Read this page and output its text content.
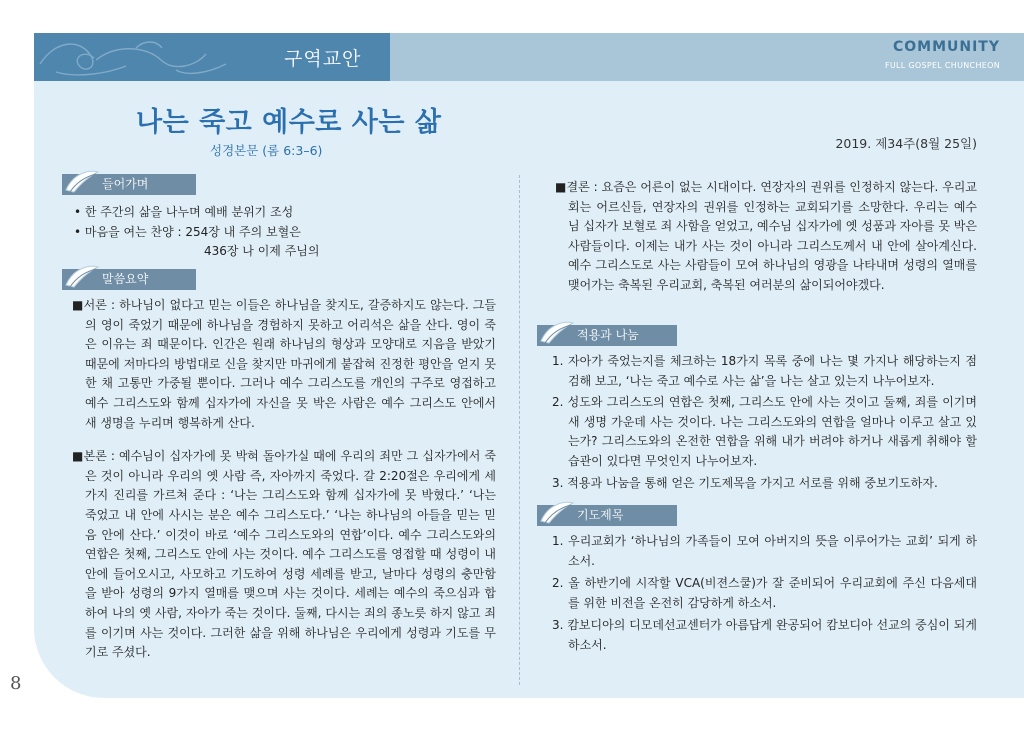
구역교안
COMMUNITY
FULL GOSPEL CHUNCHEON
나는 죽고 예수로 사는 삶
성경본문 (롬 6:3–6)	2019. 제34주(8월 25일)
들어가며

• 한 주간의 삶을 나누며 예배 분위기 조성

• 마음을 여는 찬양 : 254장 내 주의 보혈은

436장 나 이제 주님의

말씀요약

■서론 : 하나님이 없다고 믿는 이들은 하나님을 찾지도, 갈증하지도 않는다. 그들의 영이 죽었기 때문에 하나님을 경험하지 못하고 어리석은 삶을 산다. 영이 죽은 이유는 죄 때문이다. 인간은 원래 하나님의 형상과 모양대로 지음을 받았기 때문에 저마다의 방법대로 신을 찾지만 마귀에게 붙잡혀 진정한 평안을 얻지 못한 채 고통만 가중될 뿐이다. 그러나 예수 그리스도를 개인의 구주로 영접하고 예수 그리스도와 함께 십자가에 자신을 못 박은 사람은 예수 그리스도 안에서 새 생명을 누리며 행복하게 산다.

■본론 : 예수님이 십자가에 못 박혀 돌아가실 때에 우리의 죄만 그 십자가에서 죽은 것이 아니라 우리의 옛 사람 즉, 자아까지 죽었다. 갈 2:20절은 우리에게 세 가지 진리를 가르쳐 준다 : ‘나는 그리스도와 함께 십자가에 못 박혔다.’ ‘나는 죽었고 내 안에 사시는 분은 예수 그리스도다.’ ‘나는 하나님의 아들을 믿는 믿음 안에 산다.’ 이것이 바로 ‘예수 그리스도와의 연합’이다. 예수 그리스도와의 연합은 첫째, 그리스도 안에 사는 것이다. 예수 그리스도를 영접할 때 성령이 내 안에 들어오시고, 사모하고 기도하여 성령 세례를 받고, 날마다 성령의 충만함을 받아 성령의 9가지 열매를 맺으며 사는 것이다. 세례는 예수의 죽으심과 합하여 나의 옛 사람, 자아가 죽는 것이다. 둘째, 다시는 죄의 종노릇 하지 않고 죄를 이기며 사는 것이다. 그러한 삶을 위해 하나님은 우리에게 성령과 기도를 무기로 주셨다.

■결론 : 요즘은 어른이 없는 시대이다. 연장자의 권위를 인정하지 않는다. 우리교회는 어르신들, 연장자의 권위를 인정하는 교회되기를 소망한다. 우리는 예수님 십자가 보혈로 죄 사함을 얻었고, 예수님 십자가에 옛 성품과 자아를 못 박은 사람들이다. 이제는 내가 사는 것이 아니라 그리스도께서 내 안에 살아계신다. 예수 그리스도로 사는 사람들이 모여 하나님의 영광을 나타내며 성령의 열매를 맺어가는 축복된 우리교회, 축복된 여러분의 삶이되어야겠다.

적용과 나눔

1. 자아가 죽었는지를 체크하는 18가지 목록 중에 나는 몇 가지나 해당하는지 점검해 보고, ‘나는 죽고 예수로 사는 삶’을 나는 살고 있는지 나누어보자.

2. 성도와 그리스도의 연합은 첫째, 그리스도 안에 사는 것이고 둘째, 죄를 이기며 새 생명 가운데 사는 것이다. 나는 그리스도와의 연합을 얼마나 이루고 살고 있는가? 그리스도와의 온전한 연합을 위해 내가 버려야 하거나 새롭게 취해야 할 습관이 있다면 무엇인지 나누어보자.

3. 적용과 나눔을 통해 얻은 기도제목을 가지고 서로를 위해 중보기도하자.

기도제목

1. 우리교회가 ‘하나님의 가족들이 모여 아버지의 뜻을 이루어가는 교회’ 되게 하소서.

2. 올 하반기에 시작할 VCA(비젼스쿨)가 잘 준비되어 우리교회에 주신 다음세대를 위한 비전을 온전히 감당하게 하소서.

3. 캄보디아의 디모데선교센터가 아름답게 완공되어 캄보디아 선교의 중심이 되게 하소서.

8
